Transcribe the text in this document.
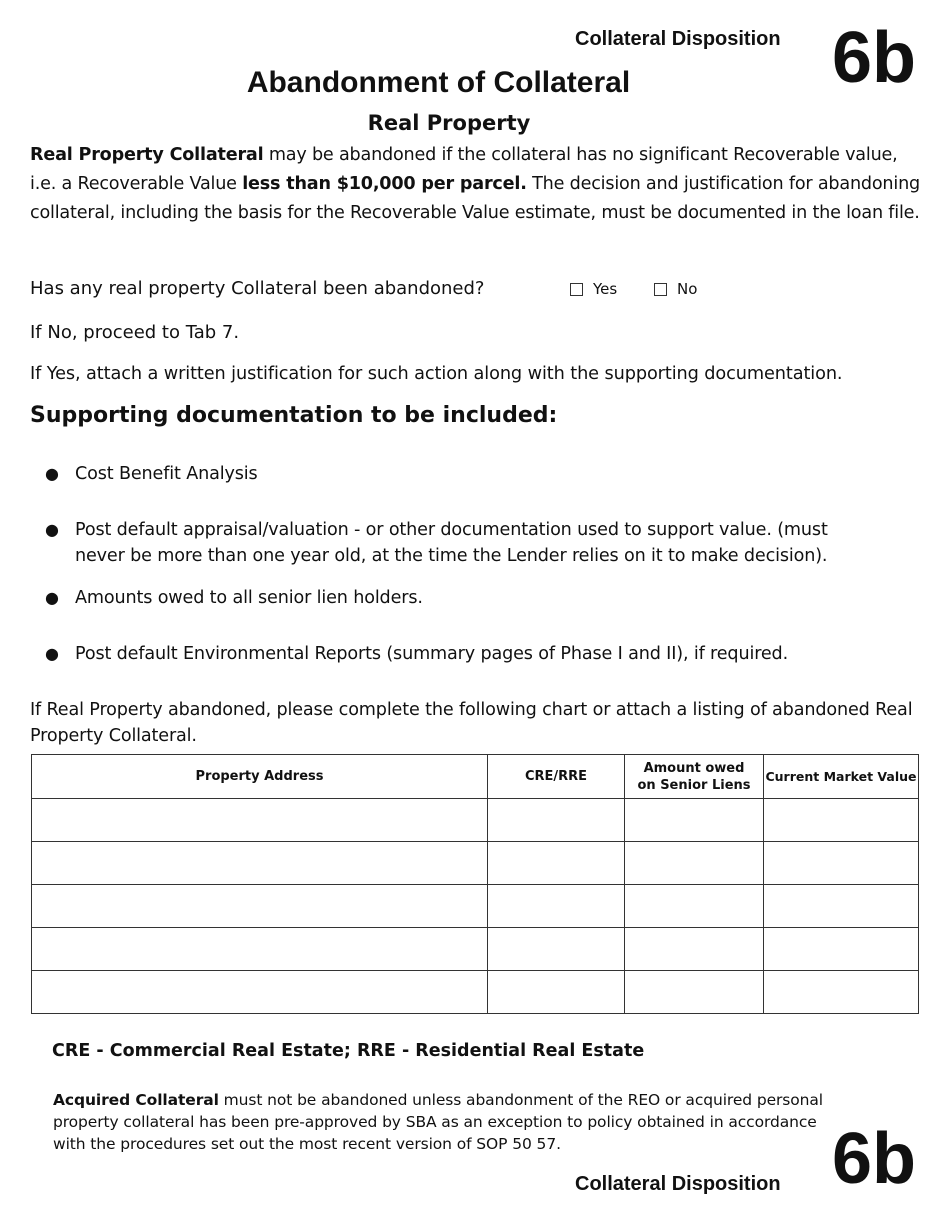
Collateral Disposition 6b
Abandonment of Collateral
Real Property
Real Property Collateral may be abandoned if the collateral has no significant Recoverable value, i.e. a Recoverable Value less than $10,000 per parcel. The decision and justification for abandoning collateral, including the basis for the Recoverable Value estimate, must be documented in the loan file.
Has any real property Collateral been abandoned?	Yes	No
If No, proceed to Tab 7.
If Yes, attach a written justification for such action along with the supporting documentation.
Supporting documentation to be included:
● Cost Benefit Analysis
● Post default appraisal/valuation - or other documentation used to support value. (must never be more than one year old, at the time the Lender relies on it to make decision).
● Amounts owed to all senior lien holders.
● Post default Environmental Reports (summary pages of Phase I and II), if required.
If Real Property abandoned, please complete the following chart or attach a listing of abandoned Real Property Collateral.
Property Address	CRE/RRE	Amount owed on Senior Liens	Current Market Value

CRE - Commercial Real Estate; RRE - Residential Real Estate
Acquired Collateral must not be abandoned unless abandonment of the REO or acquired personal property collateral has been pre-approved by SBA as an exception to policy obtained in accordance with the procedures set out the most recent version of SOP 50 57.
Collateral Disposition 6b
